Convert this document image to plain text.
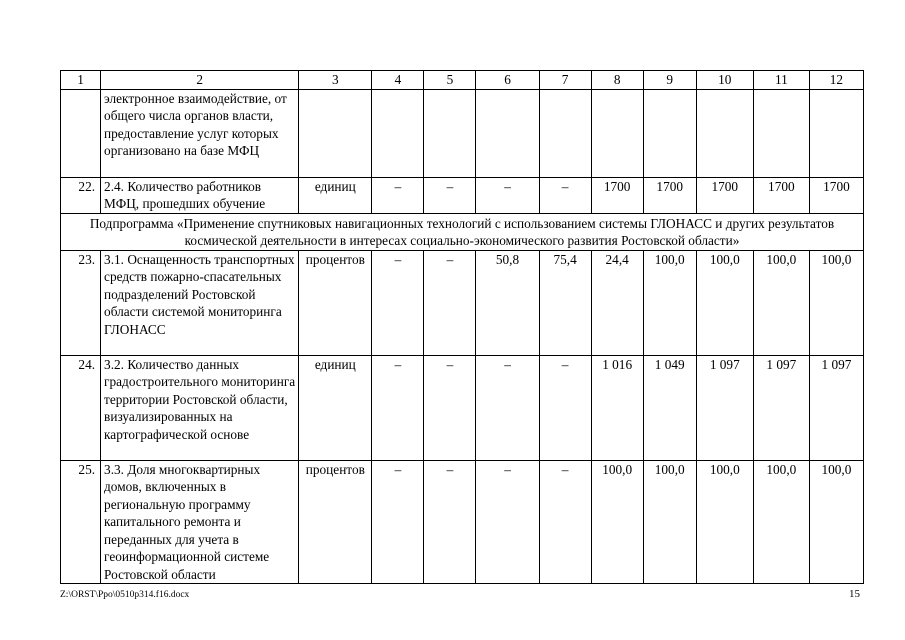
1	2	3	4	5	6	7	8	9	10	11	12
	электронное взаимодействие, от общего числа органов власти, предоставление услуг которых организовано на базе МФЦ										
22.	2.4. Количество работников МФЦ, прошедших обучение	единиц	–	–	–	–	1700	1700	1700	1700	1700
Подпрограмма «Применение спутниковых навигационных технологий с использованием системы ГЛОНАСС и других результатов космической деятельности в интересах социально-экономического развития Ростовской области»											
23.	3.1. Оснащенность транспортных средств пожарно-спасательных подразделений Ростовской области системой мониторинга ГЛОНАСС	процентов	–	–	50,8	75,4	24,4	100,0	100,0	100,0	100,0
24.	3.2. Количество данных градостроительного мониторинга территории Ростовской области, визуализированных на картографической основе	единиц	–	–	–	–	1 016	1 049	1 097	1 097	1 097
25.	3.3. Доля многоквартирных домов, включенных в региональную программу капитального ремонта и переданных для учета в геоинформационной системе Ростовской области	процентов	–	–	–	–	100,0	100,0	100,0	100,0	100,0
Z:\ORST\Ppo\0510p314.f16.docx	15
